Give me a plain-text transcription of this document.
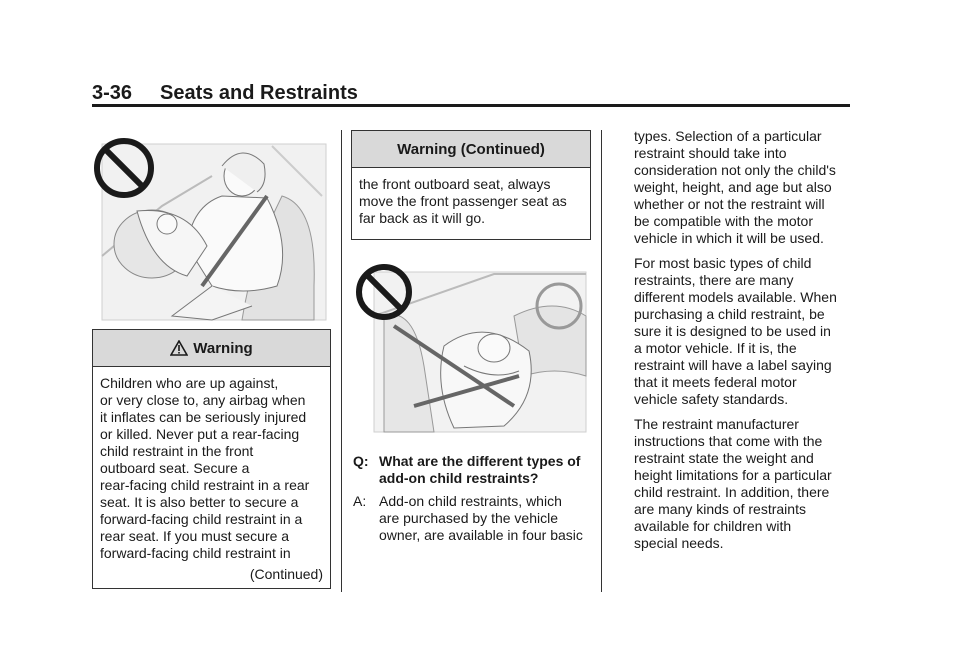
3-36 Seats and Restraints
Warning
Children who are up against,
or very close to, any airbag when
it inflates can be seriously injured
or killed. Never put a rear-facing
child restraint in the front
outboard seat. Secure a
rear-facing child restraint in a rear
seat. It is also better to secure a
forward-facing child restraint in a
rear seat. If you must secure a
forward-facing child restraint in
(Continued)
Warning (Continued)
the front outboard seat, always
move the front passenger seat as
far back as it will go.
Q: What are the different types of
add-on child restraints?
A: Add-on child restraints, which
are purchased by the vehicle
owner, are available in four basic

types. Selection of a particular
restraint should take into
consideration not only the child's
weight, height, and age but also
whether or not the restraint will
be compatible with the motor
vehicle in which it will be used.

For most basic types of child
restraints, there are many
different models available. When
purchasing a child restraint, be
sure it is designed to be used in
a motor vehicle. If it is, the
restraint will have a label saying
that it meets federal motor
vehicle safety standards.

The restraint manufacturer
instructions that come with the
restraint state the weight and
height limitations for a particular
child restraint. In addition, there
are many kinds of restraints
available for children with
special needs.
